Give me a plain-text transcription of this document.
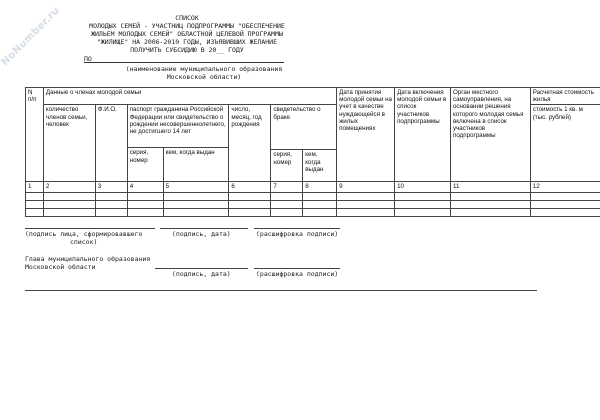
NoNumber.ru	СПИСОК
МОЛОДЫХ СЕМЕЙ - УЧАСТНИЦ ПОДПРОГРАММЫ "ОБЕСПЕЧЕНИЕ
ЖИЛЬЕМ МОЛОДЫХ СЕМЕЙ" ОБЛАСТНОЙ ЦЕЛЕВОЙ ПРОГРАММЫ
"ЖИЛИЩЕ" НА 2006-2010 ГОДЫ, ИЗЪЯВИВШИХ ЖЕЛАНИЕ
ПОЛУЧИТЬ СУБСИДИЮ В 20__ ГОДУ
ПО
(наименование муниципального образования
Московской области)
N
п/п	Данные о членах молодой семьи							Дата принятия молодой семьи на учет в качестве нуждающейся в жилых помещениях	Дата включения молодой семьи в список участников подпрограммы	Орган местного самоуправления, на основании решения которого молодая семья включена в список участников подпрограммы	Расчетная стоимость жилья
	количество членов семьи, человек	Ф.И.О.	паспорт гражданина Российской Федерации или свидетельство о рождении несовершеннолетнего, не достигшего 14 лет		число, месяц, год рождения	свидетельство о браке					стоимость 1 кв. м (тыс. рублей)
			серия, номер	кем, когда выдан							
						серия, номер	кем, когда выдан				
1	2	3	4	5	6	7	8	9	10	11	12

(подпись лица, сформировавшего
список)
(подпись, дата)	(расшифровка подписи)
Глава муниципального образования
Московской области
(подпись, дата)	(расшифровка подписи)
